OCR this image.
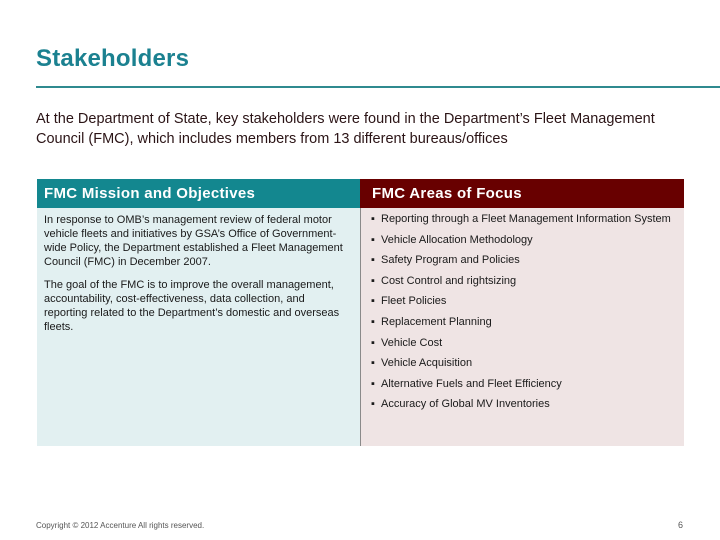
Stakeholders
At the Department of State, key stakeholders were found in the Department’s Fleet Management Council (FMC), which includes members from 13 different bureaus/offices
FMC Mission and Objectives

In response to OMB’s management review of federal motor vehicle fleets and initiatives by GSA’s Office of Government-wide Policy, the Department established a Fleet Management Council (FMC) in December 2007.

The goal of the FMC is to improve the overall management, accountability, cost-effectiveness, data collection, and reporting related to the Department’s domestic and overseas fleets.

FMC Areas of Focus
▪ Reporting through a Fleet Management Information System
▪ Vehicle Allocation Methodology
▪ Safety Program and Policies
▪ Cost Control and rightsizing
▪ Fleet Policies
▪ Replacement Planning
▪ Vehicle Cost
▪ Vehicle Acquisition
▪ Alternative Fuels and Fleet Efficiency
▪ Accuracy of Global MV Inventories
Copyright © 2012 Accenture All rights reserved.	6
